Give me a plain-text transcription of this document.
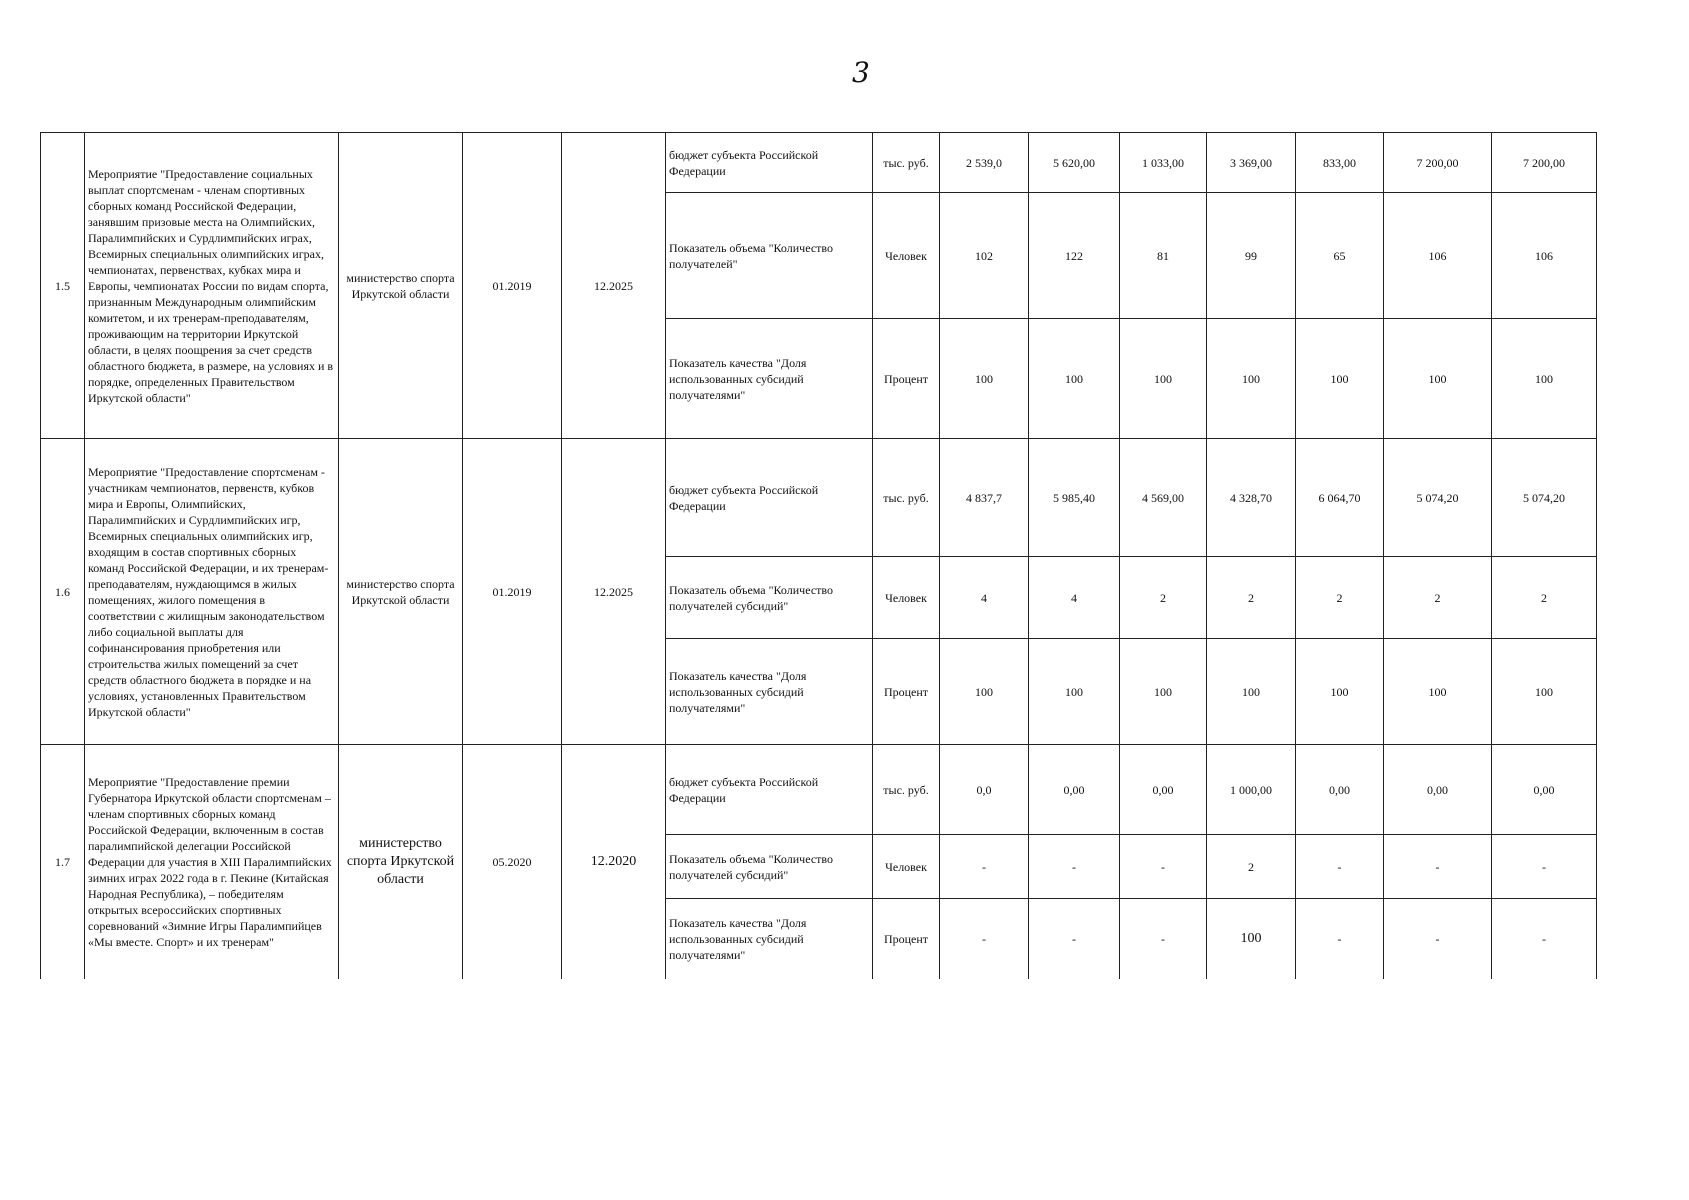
3
1.5	Мероприятие "Предоставление социальных выплат спортсменам - членам спортивных сборных команд Российской Федерации, занявшим призовые места на Олимпийских, Паралимпийских и Сурдлимпийских играх, Всемирных специальных олимпийских играх, чемпионатах, первенствах, кубках мира и Европы, чемпионатах России по видам спорта, признанным Международным олимпийским комитетом, и их тренерам-преподавателям, проживающим на территории Иркутской области, в целях поощрения за счет средств областного бюджета, в размере, на условиях и в порядке, определенных Правительством Иркутской области"	министерство спорта Иркутской области	01.2019	12.2025	бюджет субъекта Российской Федерации	тыс. руб.	2 539,0	5 620,00	1 033,00	3 369,00	833,00	7 200,00	7 200,00
					Показатель объема "Количество получателей"	Человек	102	122	81	99	65	106	106
					Показатель качества "Доля использованных субсидий получателями"	Процент	100	100	100	100	100	100	100
1.6	Мероприятие "Предоставление спортсменам - участникам чемпионатов, первенств, кубков мира и Европы, Олимпийских, Паралимпийских и Сурдлимпийских игр, Всемирных специальных олимпийских игр, входящим в состав спортивных сборных команд Российской Федерации, и их тренерам-преподавателям, нуждающимся в жилых помещениях, жилого помещения в соответствии с жилищным законодательством либо социальной выплаты для софинансирования приобретения или строительства жилых помещений за счет средств областного бюджета в порядке и на условиях, установленных Правительством Иркутской области"	министерство спорта Иркутской области	01.2019	12.2025	бюджет субъекта Российской Федерации	тыс. руб.	4 837,7	5 985,40	4 569,00	4 328,70	6 064,70	5 074,20	5 074,20
					Показатель объема "Количество получателей субсидий"	Человек	4	4	2	2	2	2	2
					Показатель качества "Доля использованных субсидий получателями"	Процент	100	100	100	100	100	100	100
1.7	Мероприятие "Предоставление премии Губернатора Иркутской области спортсменам – членам спортивных сборных команд Российской Федерации, включенным в состав паралимпийской делегации Российской Федерации для участия в XIII Паралимпийских зимних играх 2022 года в г. Пекине (Китайская Народная Республика), – победителям открытых всероссийских спортивных соревнований «Зимние Игры Паралимпийцев «Мы вместе. Спорт» и их тренерам"	министерство спорта Иркутской области	05.2020	12.2020	бюджет субъекта Российской Федерации	тыс. руб.	0,0	0,00	0,00	1 000,00	0,00	0,00	0,00
					Показатель объема "Количество получателей субсидий"	Человек	-	-	-	2	-	-	-
					Показатель качества "Доля использованных субсидий получателями"	Процент	-	-	-	100	-	-	-
